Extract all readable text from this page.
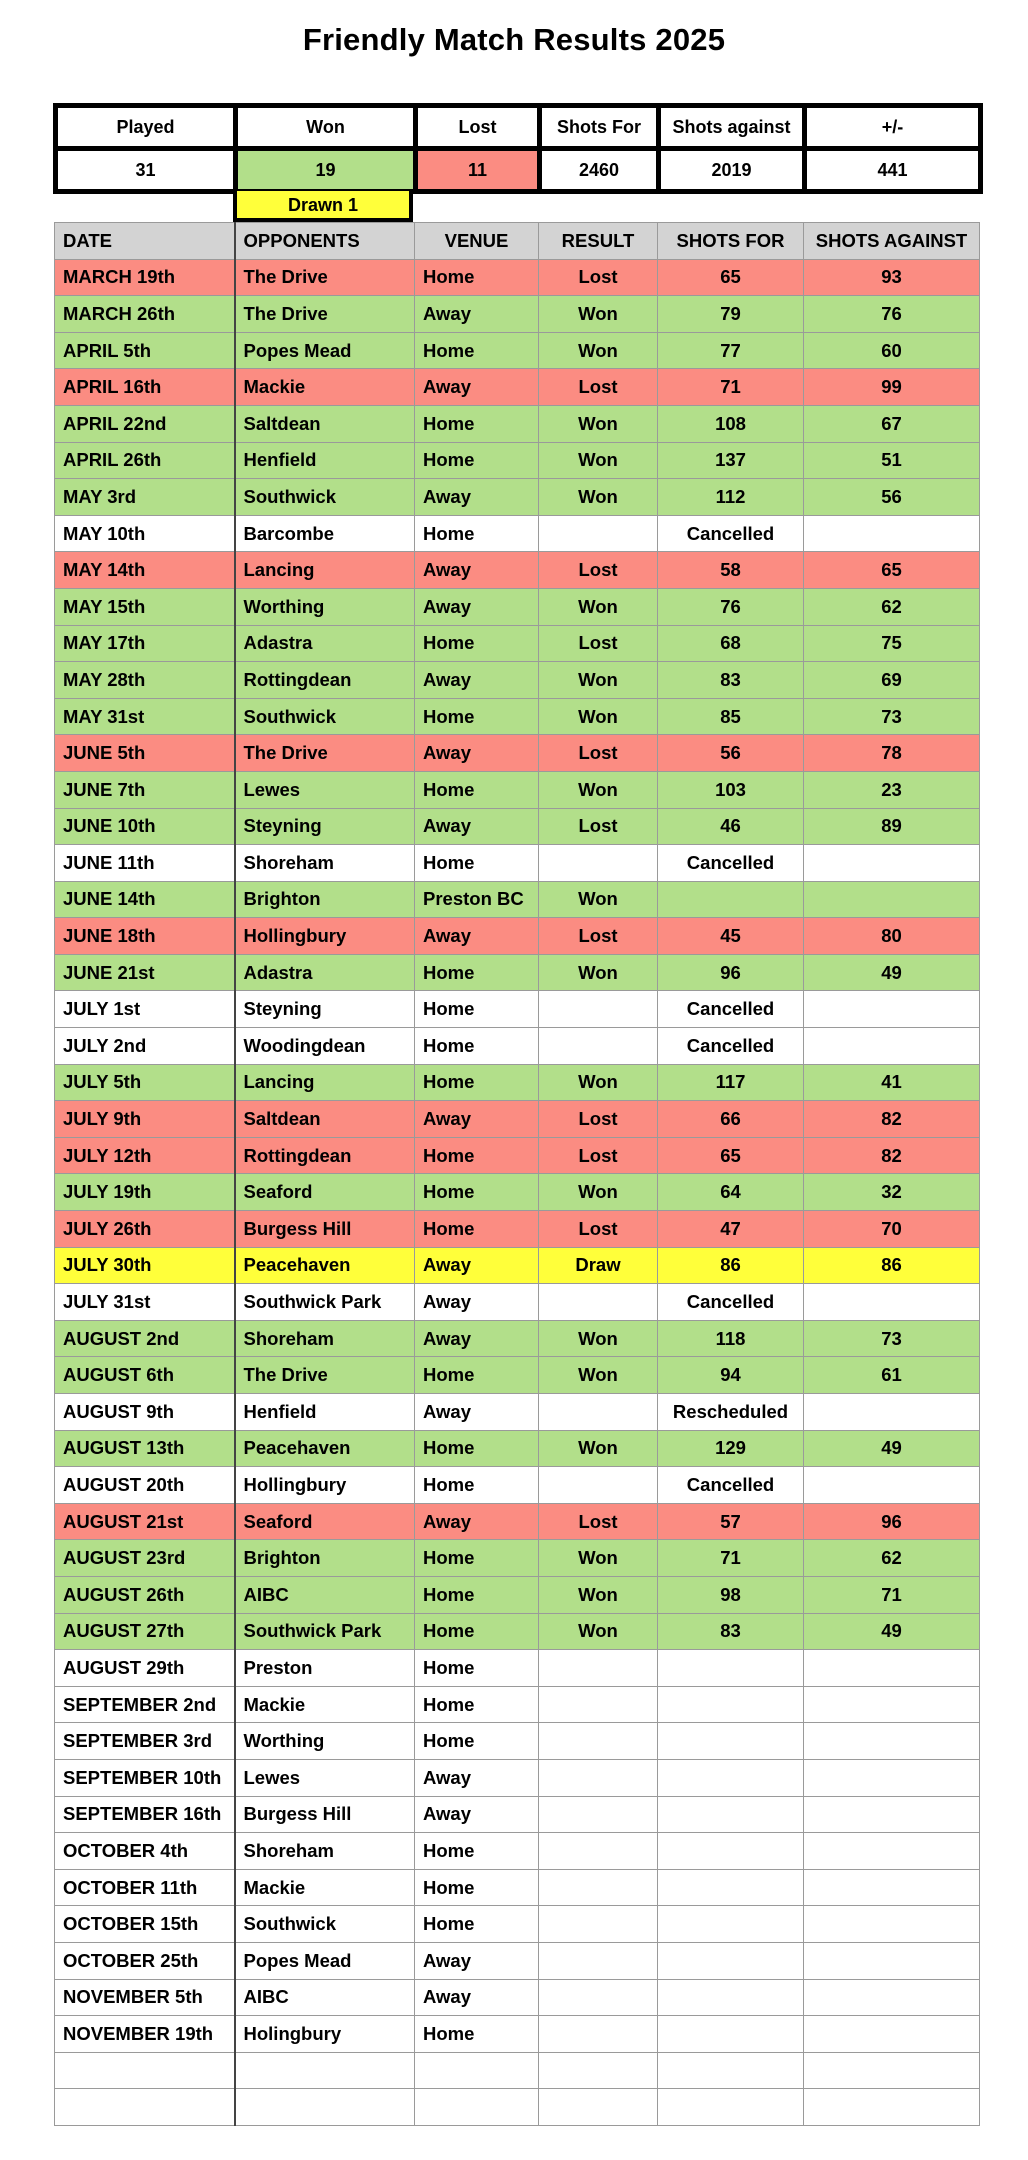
Friendly Match Results 2025
Played	Won	Lost	Shots For	Shots against	+/-
31	19	11	2460	2019	441
Drawn 1
DATE	OPPONENTS	VENUE	RESULT	SHOTS FOR	SHOTS AGAINST
MARCH 19th	The Drive	Home	Lost	65	93
MARCH 26th	The Drive	Away	Won	79	76
APRIL 5th	Popes Mead	Home	Won	77	60
APRIL 16th	Mackie	Away	Lost	71	99
APRIL 22nd	Saltdean	Home	Won	108	67
APRIL 26th	Henfield	Home	Won	137	51
MAY 3rd	Southwick	Away	Won	112	56
MAY 10th	Barcombe	Home		Cancelled	
MAY 14th	Lancing	Away	Lost	58	65
MAY 15th	Worthing	Away	Won	76	62
MAY 17th	Adastra	Home	Lost	68	75
MAY 28th	Rottingdean	Away	Won	83	69
MAY 31st	Southwick	Home	Won	85	73
JUNE 5th	The Drive	Away	Lost	56	78
JUNE 7th	Lewes	Home	Won	103	23
JUNE 10th	Steyning	Away	Lost	46	89
JUNE 11th	Shoreham	Home		Cancelled	
JUNE 14th	Brighton	Preston BC	Won		
JUNE 18th	Hollingbury	Away	Lost	45	80
JUNE 21st	Adastra	Home	Won	96	49
JULY 1st	Steyning	Home		Cancelled	
JULY 2nd	Woodingdean	Home		Cancelled	
JULY 5th	Lancing	Home	Won	117	41
JULY 9th	Saltdean	Away	Lost	66	82
JULY 12th	Rottingdean	Home	Lost	65	82
JULY 19th	Seaford	Home	Won	64	32
JULY 26th	Burgess Hill	Home	Lost	47	70
JULY 30th	Peacehaven	Away	Draw	86	86
JULY 31st	Southwick Park	Away		Cancelled	
AUGUST 2nd	Shoreham	Away	Won	118	73
AUGUST 6th	The Drive	Home	Won	94	61
AUGUST 9th	Henfield	Away		Rescheduled	
AUGUST 13th	Peacehaven	Home	Won	129	49
AUGUST 20th	Hollingbury	Home		Cancelled	
AUGUST 21st	Seaford	Away	Lost	57	96
AUGUST 23rd	Brighton	Home	Won	71	62
AUGUST 26th	AIBC	Home	Won	98	71
AUGUST 27th	Southwick Park	Home	Won	83	49
AUGUST 29th	Preston	Home			
SEPTEMBER 2nd	Mackie	Home			
SEPTEMBER 3rd	Worthing	Home			
SEPTEMBER 10th	Lewes	Away			
SEPTEMBER 16th	Burgess Hill	Away			
OCTOBER 4th	Shoreham	Home			
OCTOBER 11th	Mackie	Home			
OCTOBER 15th	Southwick	Home			
OCTOBER 25th	Popes Mead	Away			
NOVEMBER 5th	AIBC	Away			
NOVEMBER 19th	Holingbury	Home			
